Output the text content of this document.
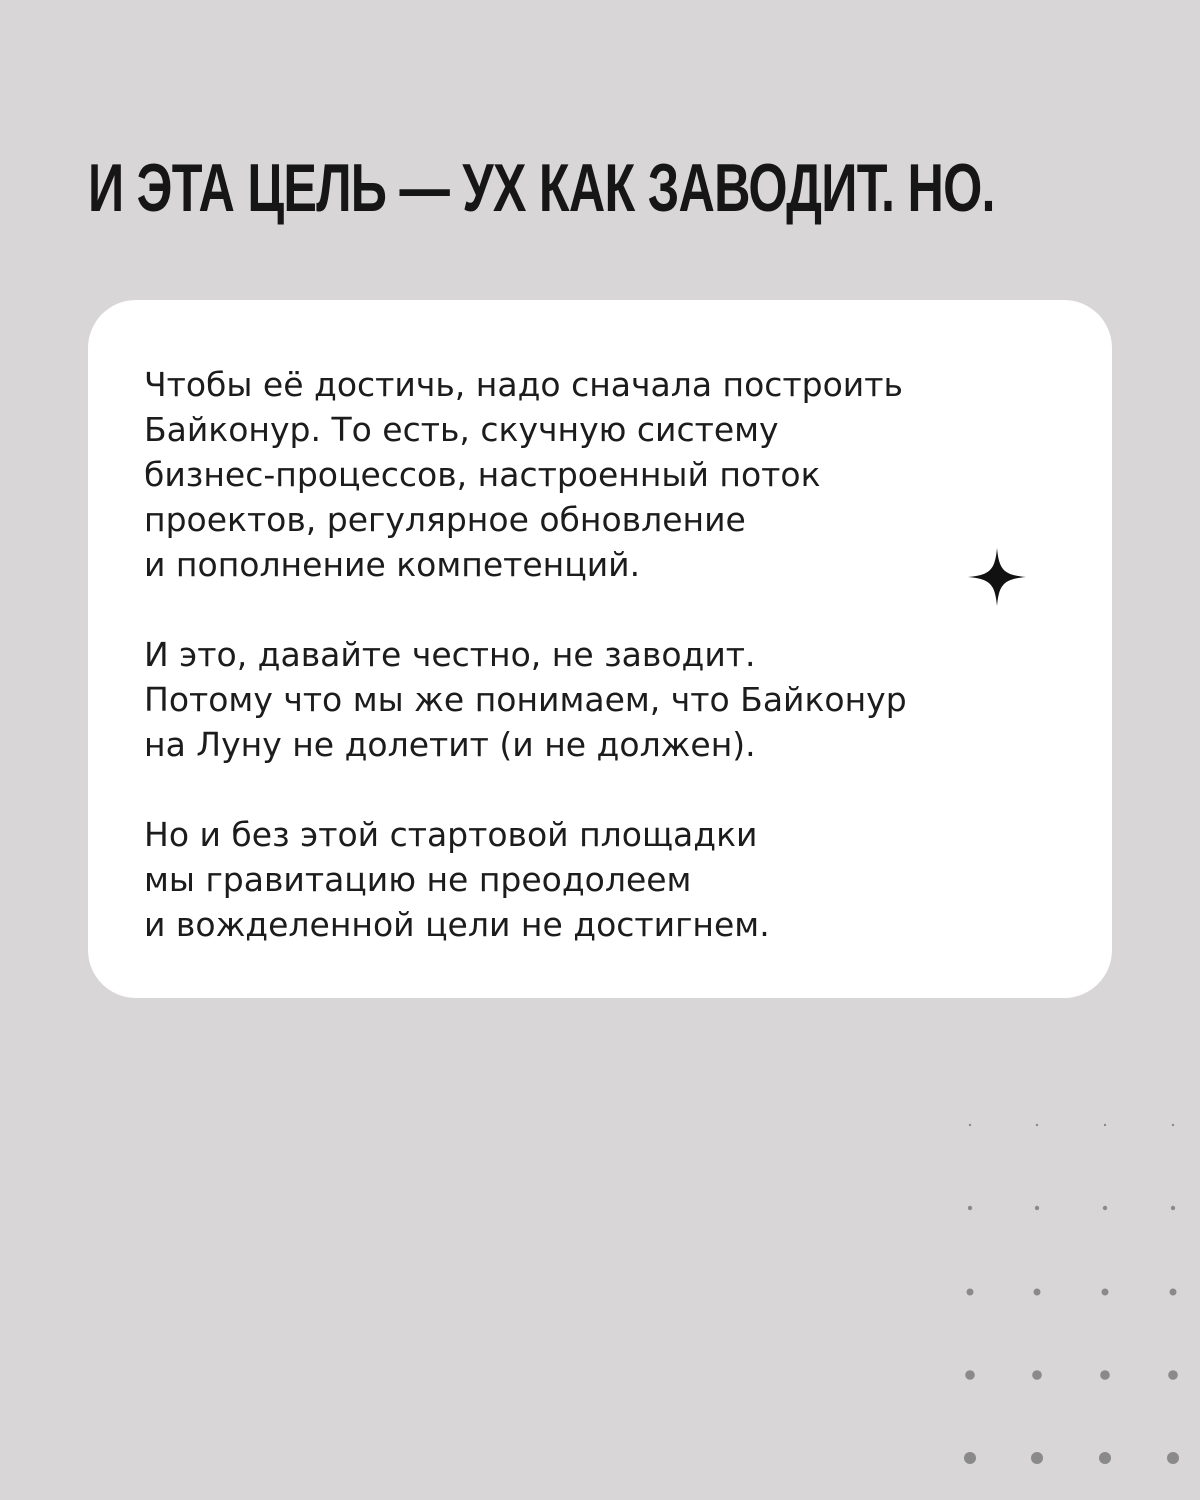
И ЭТА ЦЕЛЬ — УХ КАК ЗАВОДИТ. НО.

Чтобы её достичь, надо сначала построить
Байконур. То есть, скучную систему
бизнес-процессов, настроенный поток
проектов, регулярное обновление
и пополнение компетенций.

И это, давайте честно, не заводит.
Потому что мы же понимаем, что Байконур
на Луну не долетит (и не должен).

Но и без этой стартовой площадки
мы гравитацию не преодолеем
и вожделенной цели не достигнем.
